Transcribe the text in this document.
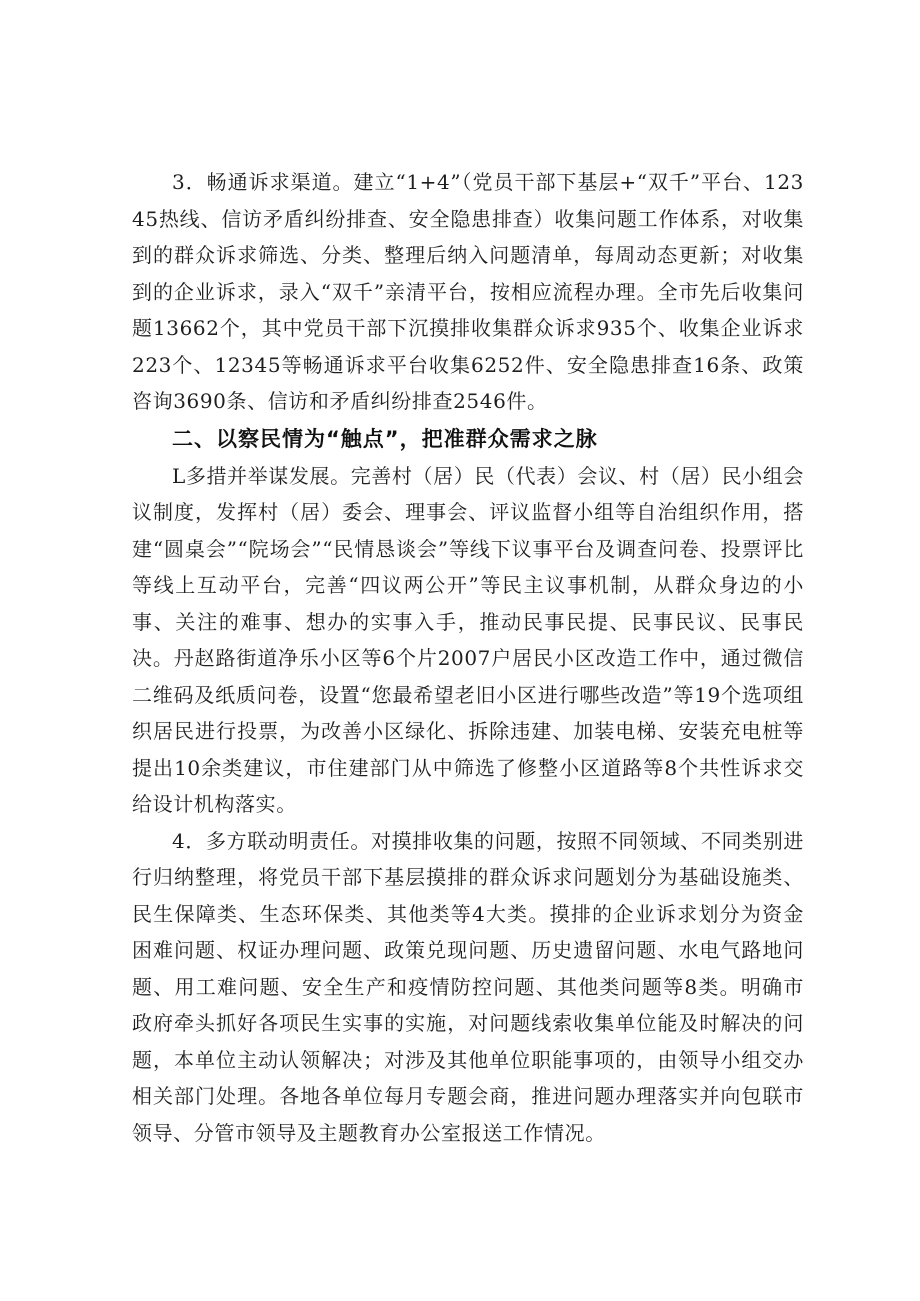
3．畅通诉求渠道。建立“1+4”（党员干部下基层+“双千”平台、12345热线、信访矛盾纠纷排查、安全隐患排查）收集问题工作体系，对收集到的群众诉求筛选、分类、整理后纳入问题清单，每周动态更新；对收集到的企业诉求，录入“双千”亲清平台，按相应流程办理。全市先后收集问题13662个，其中党员干部下沉摸排收集群众诉求935个、收集企业诉求223个、12345等畅通诉求平台收集6252件、安全隐患排查16条、政策咨询3690条、信访和矛盾纠纷排查2546件。

二、以察民情为“触点”，把准群众需求之脉

L多措并举谋发展。完善村（居）民（代表）会议、村（居）民小组会议制度，发挥村（居）委会、理事会、评议监督小组等自治组织作用，搭建“圆桌会”“院场会”“民情恳谈会”等线下议事平台及调查问卷、投票评比等线上互动平台，完善“四议两公开”等民主议事机制，从群众身边的小事、关注的难事、想办的实事入手，推动民事民提、民事民议、民事民决。丹赵路街道净乐小区等6个片2007户居民小区改造工作中，通过微信二维码及纸质问卷，设置“您最希望老旧小区进行哪些改造”等19个选项组织居民进行投票，为改善小区绿化、拆除违建、加装电梯、安装充电桩等提出10余类建议，市住建部门从中筛选了修整小区道路等8个共性诉求交给设计机构落实。

4．多方联动明责任。对摸排收集的问题，按照不同领域、不同类别进行归纳整理，将党员干部下基层摸排的群众诉求问题划分为基础设施类、民生保障类、生态环保类、其他类等4大类。摸排的企业诉求划分为资金困难问题、权证办理问题、政策兑现问题、历史遗留问题、水电气路地问题、用工难问题、安全生产和疫情防控问题、其他类问题等8类。明确市政府牵头抓好各项民生实事的实施，对问题线索收集单位能及时解决的问题，本单位主动认领解决；对涉及其他单位职能事项的，由领导小组交办相关部门处理。各地各单位每月专题会商，推进问题办理落实并向包联市领导、分管市领导及主题教育办公室报送工作情况。
